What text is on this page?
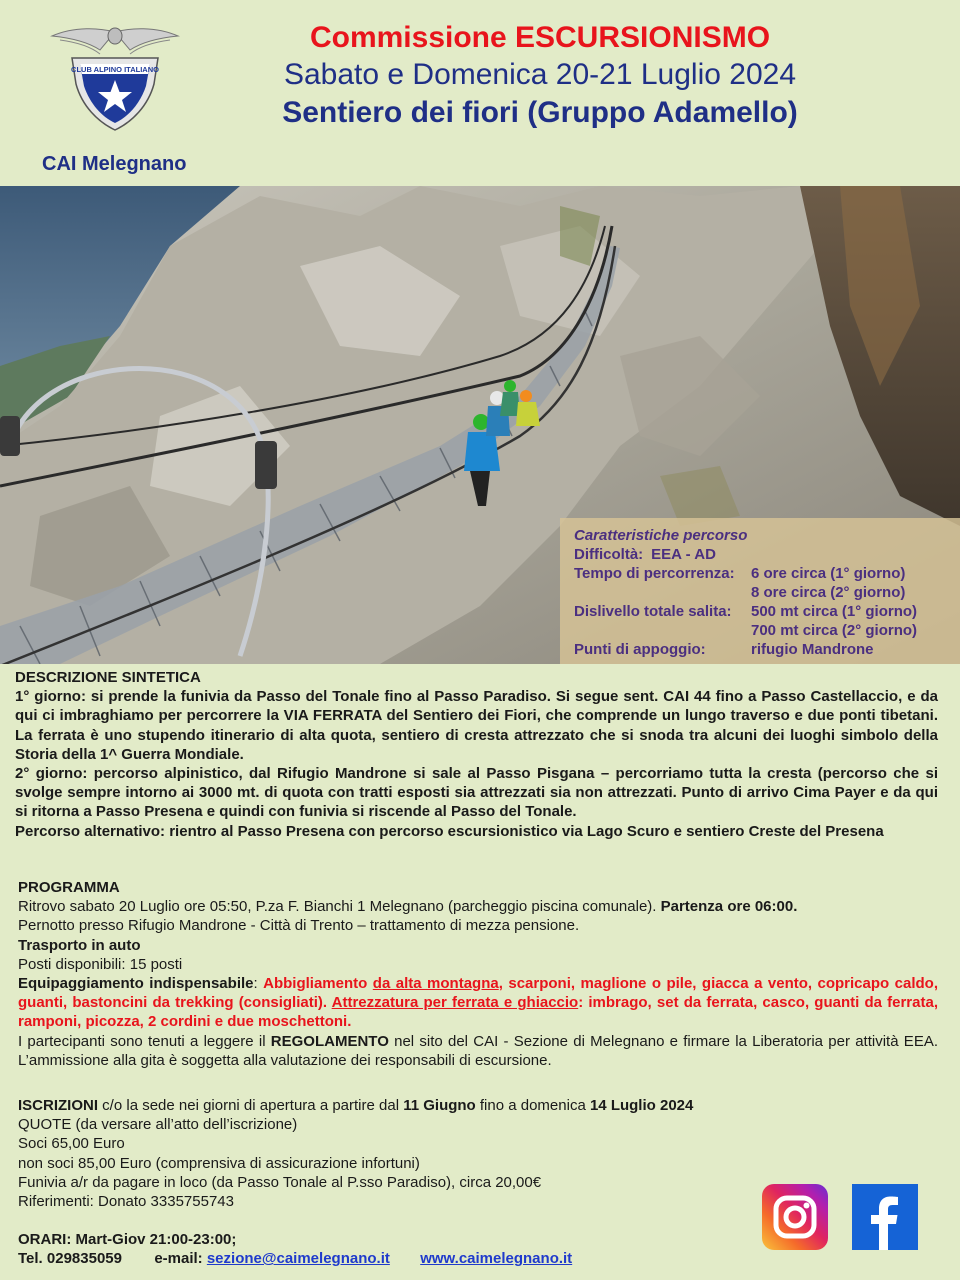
CLUB ALPINO ITALIANO
CAI Melegnano
Commissione ESCURSIONISMO
Sabato e Domenica 20-21 Luglio 2024
Sentiero dei fiori (Gruppo Adamello)
Caratteristiche percorso
Difficoltà: EEA - AD
Tempo di percorrenza:	6 ore circa (1° giorno)
8 ore circa (2° giorno)
Dislivello totale salita:	500 mt circa (1° giorno)
700 mt circa (2° giorno)
Punti di appoggio:	rifugio Mandrone

DESCRIZIONE SINTETICA

1° giorno: si prende la funivia da Passo del Tonale fino al Passo Paradiso. Si segue sent. CAI 44 fino a Passo Castellaccio, e da qui ci imbraghiamo per percorrere la VIA FERRATA del Sentiero dei Fiori, che comprende un lungo traverso e due ponti tibetani. La ferrata è uno stupendo itinerario di alta quota, sentiero di cresta attrezzato che si snoda tra alcuni dei luoghi simbolo della Storia della 1^ Guerra Mondiale.

2° giorno: percorso alpinistico, dal Rifugio Mandrone si sale al Passo Pisgana – percorriamo tutta la cresta (percorso che si svolge sempre intorno ai 3000 mt. di quota con tratti esposti sia attrezzati sia non attrezzati. Punto di arrivo Cima Payer e da qui si ritorna a Passo Presena e quindi con funivia si riscende al Passo del Tonale.

Percorso alternativo: rientro al Passo Presena con percorso escursionistico via Lago Scuro e sentiero Creste del Presena

PROGRAMMA

Ritrovo sabato 20 Luglio ore 05:50, P.za F. Bianchi 1 Melegnano (parcheggio piscina comunale). Partenza ore 06:00.

Pernotto presso Rifugio Mandrone - Città di Trento – trattamento di mezza pensione.

Trasporto in auto

Posti disponibili: 15 posti

Equipaggiamento indispensabile: Abbigliamento da alta montagna, scarponi, maglione o pile, giacca a vento, copricapo caldo, guanti, bastoncini da trekking (consigliati). Attrezzatura per ferrata e ghiaccio: imbrago, set da ferrata, casco, guanti da ferrata, ramponi, picozza, 2 cordini e due moschettoni.

I partecipanti sono tenuti a leggere il REGOLAMENTO nel sito del CAI - Sezione di Melegnano e firmare la Liberatoria per attività EEA. L’ammissione alla gita è soggetta alla valutazione dei responsabili di escursione.

ISCRIZIONI c/o la sede nei giorni di apertura a partire dal 11 Giugno fino a domenica 14 Luglio 2024

QUOTE (da versare all’atto dell’iscrizione)

Soci 65,00 Euro

non soci 85,00 Euro (comprensiva di assicurazione infortuni)

Funivia a/r da pagare in loco (da Passo Tonale al P.sso Paradiso), circa 20,00€

Riferimenti: Donato 3335755743

ORARI: Mart-Giov 21:00-23:00;

Tel. 029835059 e-mail: sezione@caimelegnano.it www.caimelegnano.it
